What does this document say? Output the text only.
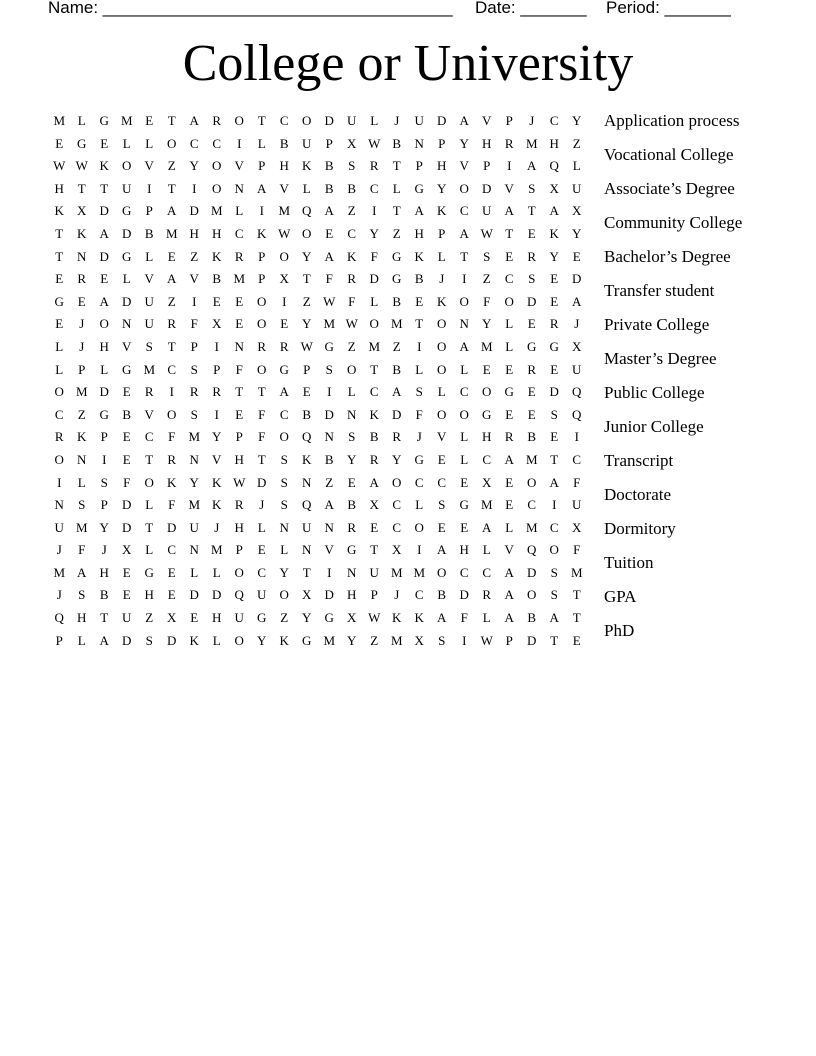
Name: _____________________________________ Date: _______ Period: _______
College or University
M L	G M E	T	A	R	O	T	C	O	D	U	L	J	U	D	A	V	P	J	C	Y
E	G	E	L	L	O	C	C	I	L	B	U	P	X W B	N	P	Y	H	R M H	Z
W W K	O	V	Z	Y	O	V	P	H	K	B	S	R	T	P	H	V	P	I	A	Q	L
H	T	T	U	I	T	I	O	N	A	V	L	B	B	C	L	G	Y	O	D	V	S	X	U
K	X	D	G	P	A	D M L	I	M Q	A	Z	I	T	A	K	C	U	A	T	A	X
T	K	A	D	B M H	H	C	K W O	E	C	Y	Z	H	P	A W T	E	K	Y
T	N	D	G	L	E	Z	K	R	P	O	Y	A	K	F	G	K	L	T	S	E	R	Y	E
E	R	E	L	V	A	V	B M	P	X	T	F	R	D	G	B	J	I	Z	C	S	E	D
G	E	A	D	U	Z	I	E	E	O	I	Z W F	L	B	E	K	O	F	O	D	E	A
E	J	O	N	U	R	F	X	E	O	E	Y M W O M T	O	N	Y	L	E	R	J
L	J	H	V	S	T	P	I	N	R	R W G	Z M Z	I	O	A M L	G	G	X
L	P	L	G M C	S	P	F	O	G	P	S	O	T	B	L	O	L	E	E	R	E	U
O M D	E	R	I	R	R	T	T	A	E	I	L	C	A	S	L	C	O	G	E	D	Q
C	Z	G	B	V	O	S	I	E	F	C	B	D	N	K	D	F	O	O	G	E	E	S	Q
R	K	P	E	C	F	M Y	P	F	O	Q	N	S	B	R	J	V	L	H	R	B	E	I
O	N	I	E	T	R	N	V	H	T	S	K	B	Y	R	Y	G	E	L	C	A M T	C
I	L	S	F	O	K	Y	K W D	S	N	Z	E	A	O	C	C	E	X	E	O	A	F
N	S	P	D	L	F	M K	R	J	S	Q	A	B	X	C	L	S	G M E	C	I	U
U M Y	D	T	D	U	J	H	L	N	U	N	R	E	C	O	E	E	A	L M C	X
J	F	J	X	L	C	N M	P	E	L	N	V	G	T	X	I	A	H	L	V	Q	O	F
M A	H	E	G	E	L	L	O	C	Y	T	I	N	U M M O	C	C	A	D	S	M
J	S	B	E	H	E	D	D	Q	U	O	X	D	H	P	J	C	B	D	R	A	O	S	T
Q	H	T	U	Z	X	E	H	U	G	Z	Y	G	X W K	K	A	F	L	A	B	A	T
P	L	A	D	S	D	K	L	O	Y	K	G M Y	Z M X	S	I	W P	D	T	E
Application process
Vocational College
Associate’s Degree
Community College
Bachelor’s Degree
Transfer student
Private College
Master’s Degree
Public College
Junior College
Transcript
Doctorate
Dormitory
Tuition
GPA
PhD
